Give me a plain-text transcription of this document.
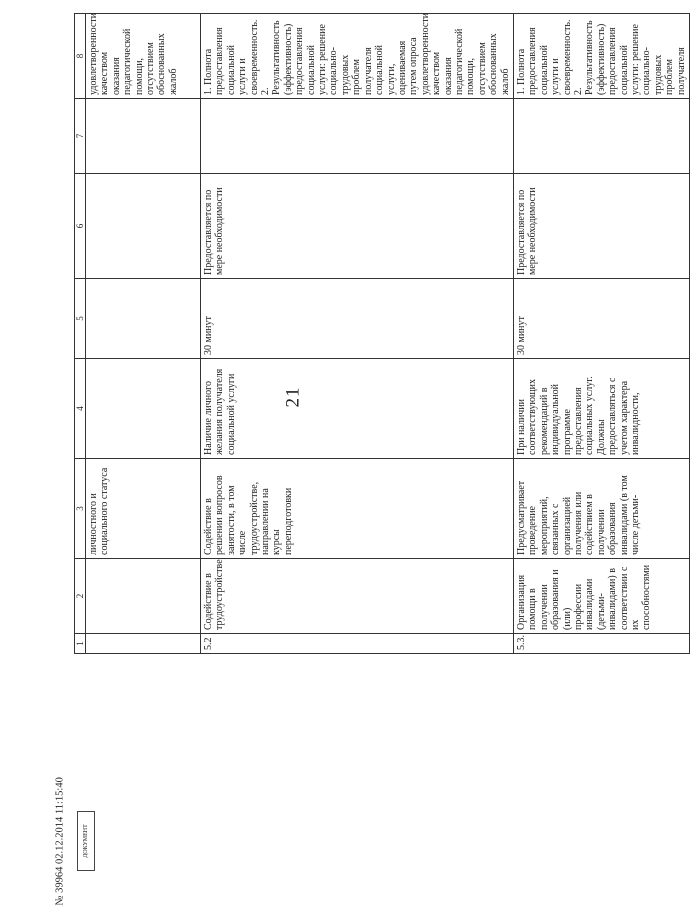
21
1	2	3	4	5	6	7	8
		личностного и социального статуса					удовлетворенности качеством оказания педагогической помощи, отсутствием обоснованных жалоб
5.2	Содействие в трудоустройстве	Содействие в решении вопросов занятости, в том числе трудоустройстве, направлении на курсы переподготовки	Наличие личного желания получателя социальной услуги	30 минут	Предоставляется по мере необходимости		1. Полнота предоставления социальной услуги и своевременность. 2. Результативность (эффективность) предоставления социальной услуги: решение социально-трудовых проблем получателя социальной услуги, оцениваемая путем опроса удовлетворенности качеством оказания педагогической помощи, отсутствием обоснованных жалоб
5.3.	Организация помощи в получении образования и (или) профессии инвалидами (детьми-инвалидами) в соответствии с их способностями	Предусматривает проведение мероприятий, связанных с организацией получения или содействием в получении образования инвалидами (в том числе детьми-	При наличии соответствующих рекомендаций в индивидуальной программе предоставления социальных услуг. Должны предоставляться с учетом характера инвалидности,	30 минут	Предоставляется по мере необходимости		1. Полнота предоставления социальной услуги и своевременность. 2. Результативность (эффективность) предоставления социальной услуги: решение социально-трудовых проблем получателя
№ 39964 02.12.2014 11:15:40	ДОКУМЕНТ
